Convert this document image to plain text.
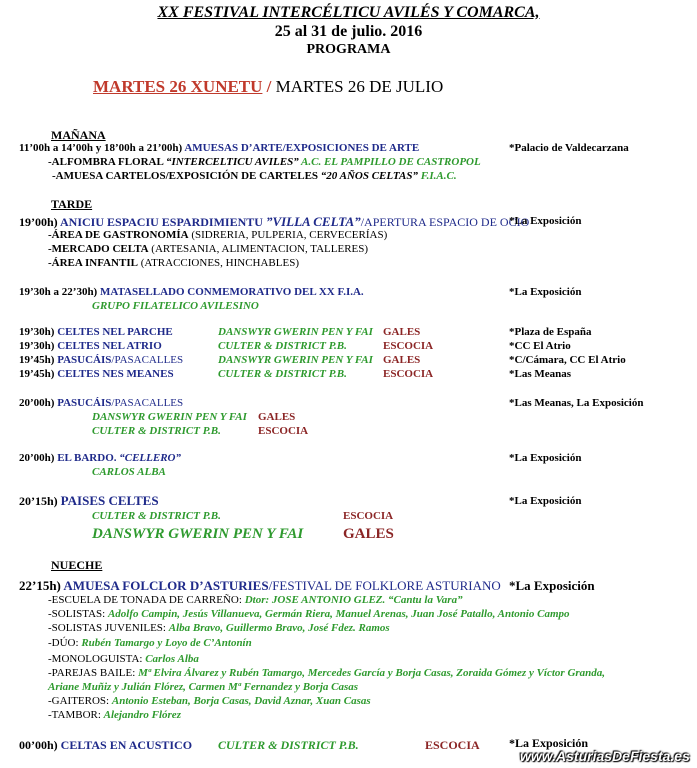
XX FESTIVAL INTERCÉLTICU AVILÉS Y COMARCA,
25 al 31 de julio. 2016
PROGRAMA
MARTES 26 XUNETU / MARTES 26 DE JULIO
MAÑANA
11’00h a 14’00h y 18’00h a 21’00h) AMUESAS D’ARTE/EXPOSICIONES DE ARTE	*Palacio de Valdecarzana
-ALFOMBRA FLORAL “INTERCELTICU AVILES” A.C. EL PAMPILLO DE CASTROPOL
-AMUESA CARTELOS/EXPOSICIÓN DE CARTELES “20 AÑOS CELTAS” F.I.A.C.
TARDE
19’00h) ANICIU ESPACIU ESPARDIMIENTU ”VILLA CELTA”/APERTURA ESPACIO DE OCIO
*La Exposición
-ÁREA DE GASTRONOMÍA (SIDRERIA, PULPERIA, CERVECERÍAS)
-MERCADO CELTA (ARTESANIA, ALIMENTACION, TALLERES)
-ÁREA INFANTIL (ATRACCIONES, HINCHABLES)
19’30h a 22’30h) MATASELLADO CONMEMORATIVO DEL XX F.I.A.	*La Exposición
GRUPO FILATELICO AVILESINO
19’30h) CELTES NEL PARCHE	DANSWYR GWERIN PEN Y FAI GALES	*Plaza de España
19’30h) CELTES NEL ATRIO	CULTER & DISTRICT P.B.	ESCOCIA	*CC El Atrio
19’45h) PASUCÁIS/PASACALLES	DANSWYR GWERIN PEN Y FAI GALES	*C/Cámara, CC El Atrio
19’45h) CELTES NES MEANES	CULTER & DISTRICT P.B.	ESCOCIA	*Las Meanas
20’00h) PASUCÁIS/PASACALLES	*Las Meanas, La Exposición
DANSWYR GWERIN PEN Y FAI GALES
CULTER & DISTRICT P.B.	ESCOCIA
20’00h) EL BARDO. “CELLERO”	*La Exposición
CARLOS ALBA
20’15h) PAISES CELTES	*La Exposición
CULTER & DISTRICT P.B.	ESCOCIA
DANSWYR GWERIN PEN Y FAI	GALES
NUECHE
22’15h) AMUESA FOLCLOR D’ASTURIES/FESTIVAL DE FOLKLORE ASTURIANO *La Exposición
-ESCUELA DE TONADA DE CARREÑO: Dtor: JOSE ANTONIO GLEZ. “Cantu la Vara”
-SOLISTAS: Adolfo Campin, Jesús Villanueva, Germán Riera, Manuel Arenas, Juan José Patallo, Antonio Campo
-SOLISTAS JUVENILES: Alba Bravo, Guillermo Bravo, José Fdez. Ramos
-DÚO: Rubén Tamargo y Loyo de C’Antonín
-MONOLOGUISTA: Carlos Alba
-PAREJAS BAILE: Mª Elvira Álvarez y Rubén Tamargo, Mercedes García y Borja Casas, Zoraida Gómez y Víctor Granda,
Ariane Muñiz y Julián Flórez, Carmen Mª Fernandez y Borja Casas
-GAITEROS: Antonio Esteban, Borja Casas, David Aznar, Xuan Casas
-TAMBOR: Alejandro Flórez
00’00h) CELTAS EN ACUSTICO CULTER & DISTRICT P.B.	ESCOCIA *La Exposición
www.AsturiasDeFiesta.es
